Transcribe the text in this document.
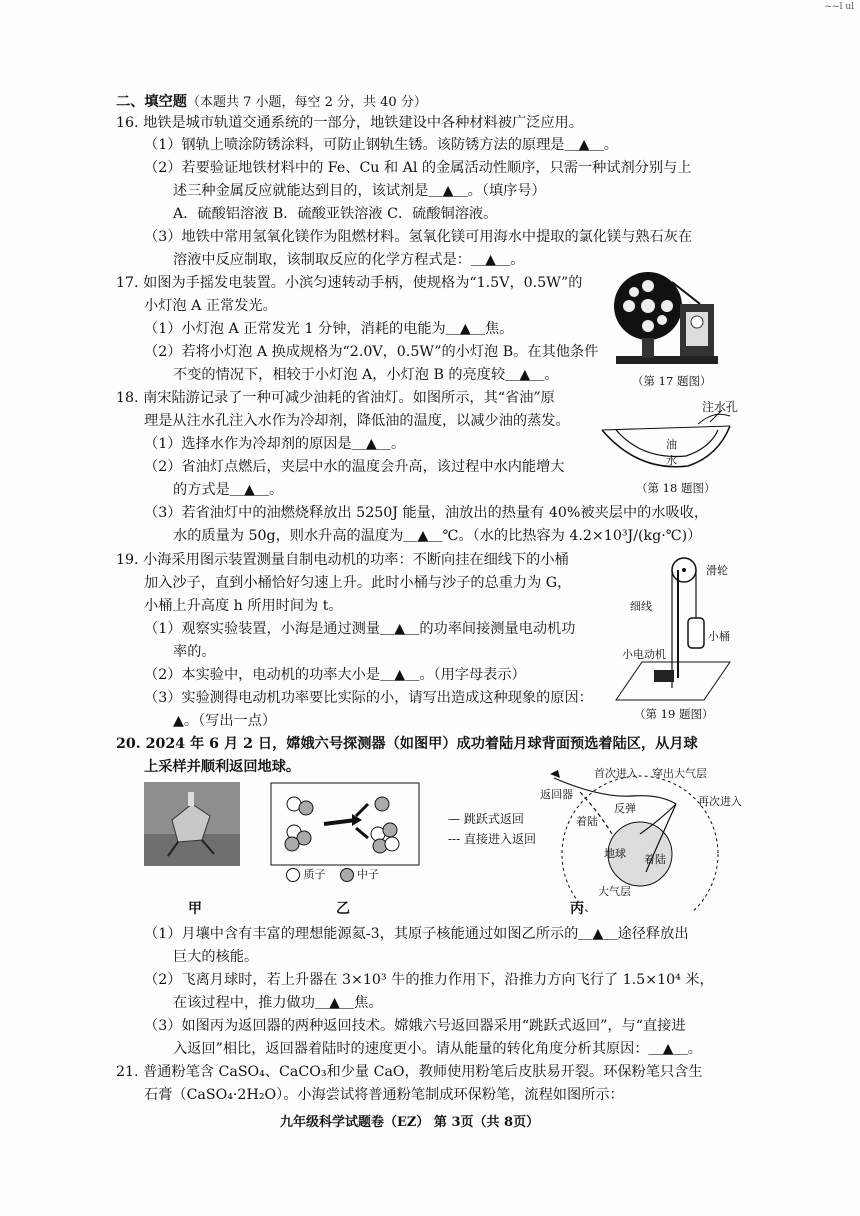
~~l ul
二、填空题（本题共 7 小题，每空 2 分，共 40 分）
16. 地铁是城市轨道交通系统的一部分，地铁建设中各种材料被广泛应用。
（1）钢轨上喷涂防锈涂料，可防止钢轨生锈。该防锈方法的原理是＿▲＿。
（2）若要验证地铁材料中的 Fe、Cu 和 Al 的金属活动性顺序，只需一种试剂分别与上
述三种金属反应就能达到目的，该试剂是＿▲＿。（填序号）
A．硫酸铝溶液 B．硫酸亚铁溶液 C．硫酸铜溶液。
（3）地铁中常用氢氧化镁作为阻燃材料。氢氧化镁可用海水中提取的氯化镁与熟石灰在
溶液中反应制取，该制取反应的化学方程式是：＿▲＿。
17. 如图为手摇发电装置。小滨匀速转动手柄，使规格为“1.5V，0.5W”的
小灯泡 A 正常发光。
（1）小灯泡 A 正常发光 1 分钟，消耗的电能为＿▲＿焦。
（2）若将小灯泡 A 换成规格为“2.0V，0.5W”的小灯泡 B。在其他条件
不变的情况下，相较于小灯泡 A，小灯泡 B 的亮度较＿▲＿。	（第 17 题图）
18. 南宋陆游记录了一种可减少油耗的省油灯。如图所示，其“省油”原
理是从注水孔注入水作为冷却剂，降低油的温度，以减少油的蒸发。
（1）选择水作为冷却剂的原因是＿▲＿。
（2）省油灯点燃后，夹层中水的温度会升高，该过程中水内能增大
的方式是＿▲＿。
（3）若省油灯中的油燃烧释放出 5250J 能量，油放出的热量有 40%被夹层中的水吸收，
水的质量为 50g，则水升高的温度为＿▲＿℃。（水的比热容为 4.2×10³J/(kg·℃)）
注水孔
油
水
（第 18 题图）
19. 小海采用图示装置测量自制电动机的功率：不断向挂在细线下的小桶
加入沙子，直到小桶恰好匀速上升。此时小桶与沙子的总重力为 G，
小桶上升高度 h 所用时间为 t。
（1）观察实验装置，小海是通过测量＿▲＿的功率间接测量电动机功
率的。
（2）本实验中，电动机的功率大小是＿▲＿。（用字母表示）
（3）实验测得电动机功率要比实际的小，请写出造成这种现象的原因：
▲。（写出一点）
滑轮
细线
小桶
小电动机
（第 19 题图）
20. 2024 年 6 月 2 日，嫦娥六号探测器（如图甲）成功着陆月球背面预选着陆区，从月球
上采样并顺利返回地球。
质子	中子
— 跳跃式返回
--- 直接进入返回
首次进入 穿出大气层
返回器
反弹
再次进入
着陆
地球 着陆
大气层
甲	乙	丙
（1）月壤中含有丰富的理想能源氦-3，其原子核能通过如图乙所示的＿▲＿途径释放出
巨大的核能。
（2）飞离月球时，若上升器在 3×10³ 牛的推力作用下，沿推力方向飞行了 1.5×10⁴ 米，
在该过程中，推力做功＿▲＿焦。
（3）如图丙为返回器的两种返回技术。嫦娥六号返回器采用“跳跃式返回”，与“直接进
入返回”相比，返回器着陆时的速度更小。请从能量的转化角度分析其原因：＿▲＿。
21. 普通粉笔含 CaSO₄、CaCO₃和少量 CaO，教师使用粉笔后皮肤易开裂。环保粉笔只含生
石膏（CaSO₄·2H₂O）。小海尝试将普通粉笔制成环保粉笔，流程如图所示：
九年级科学试题卷（EZ） 第 3页（共 8页）
